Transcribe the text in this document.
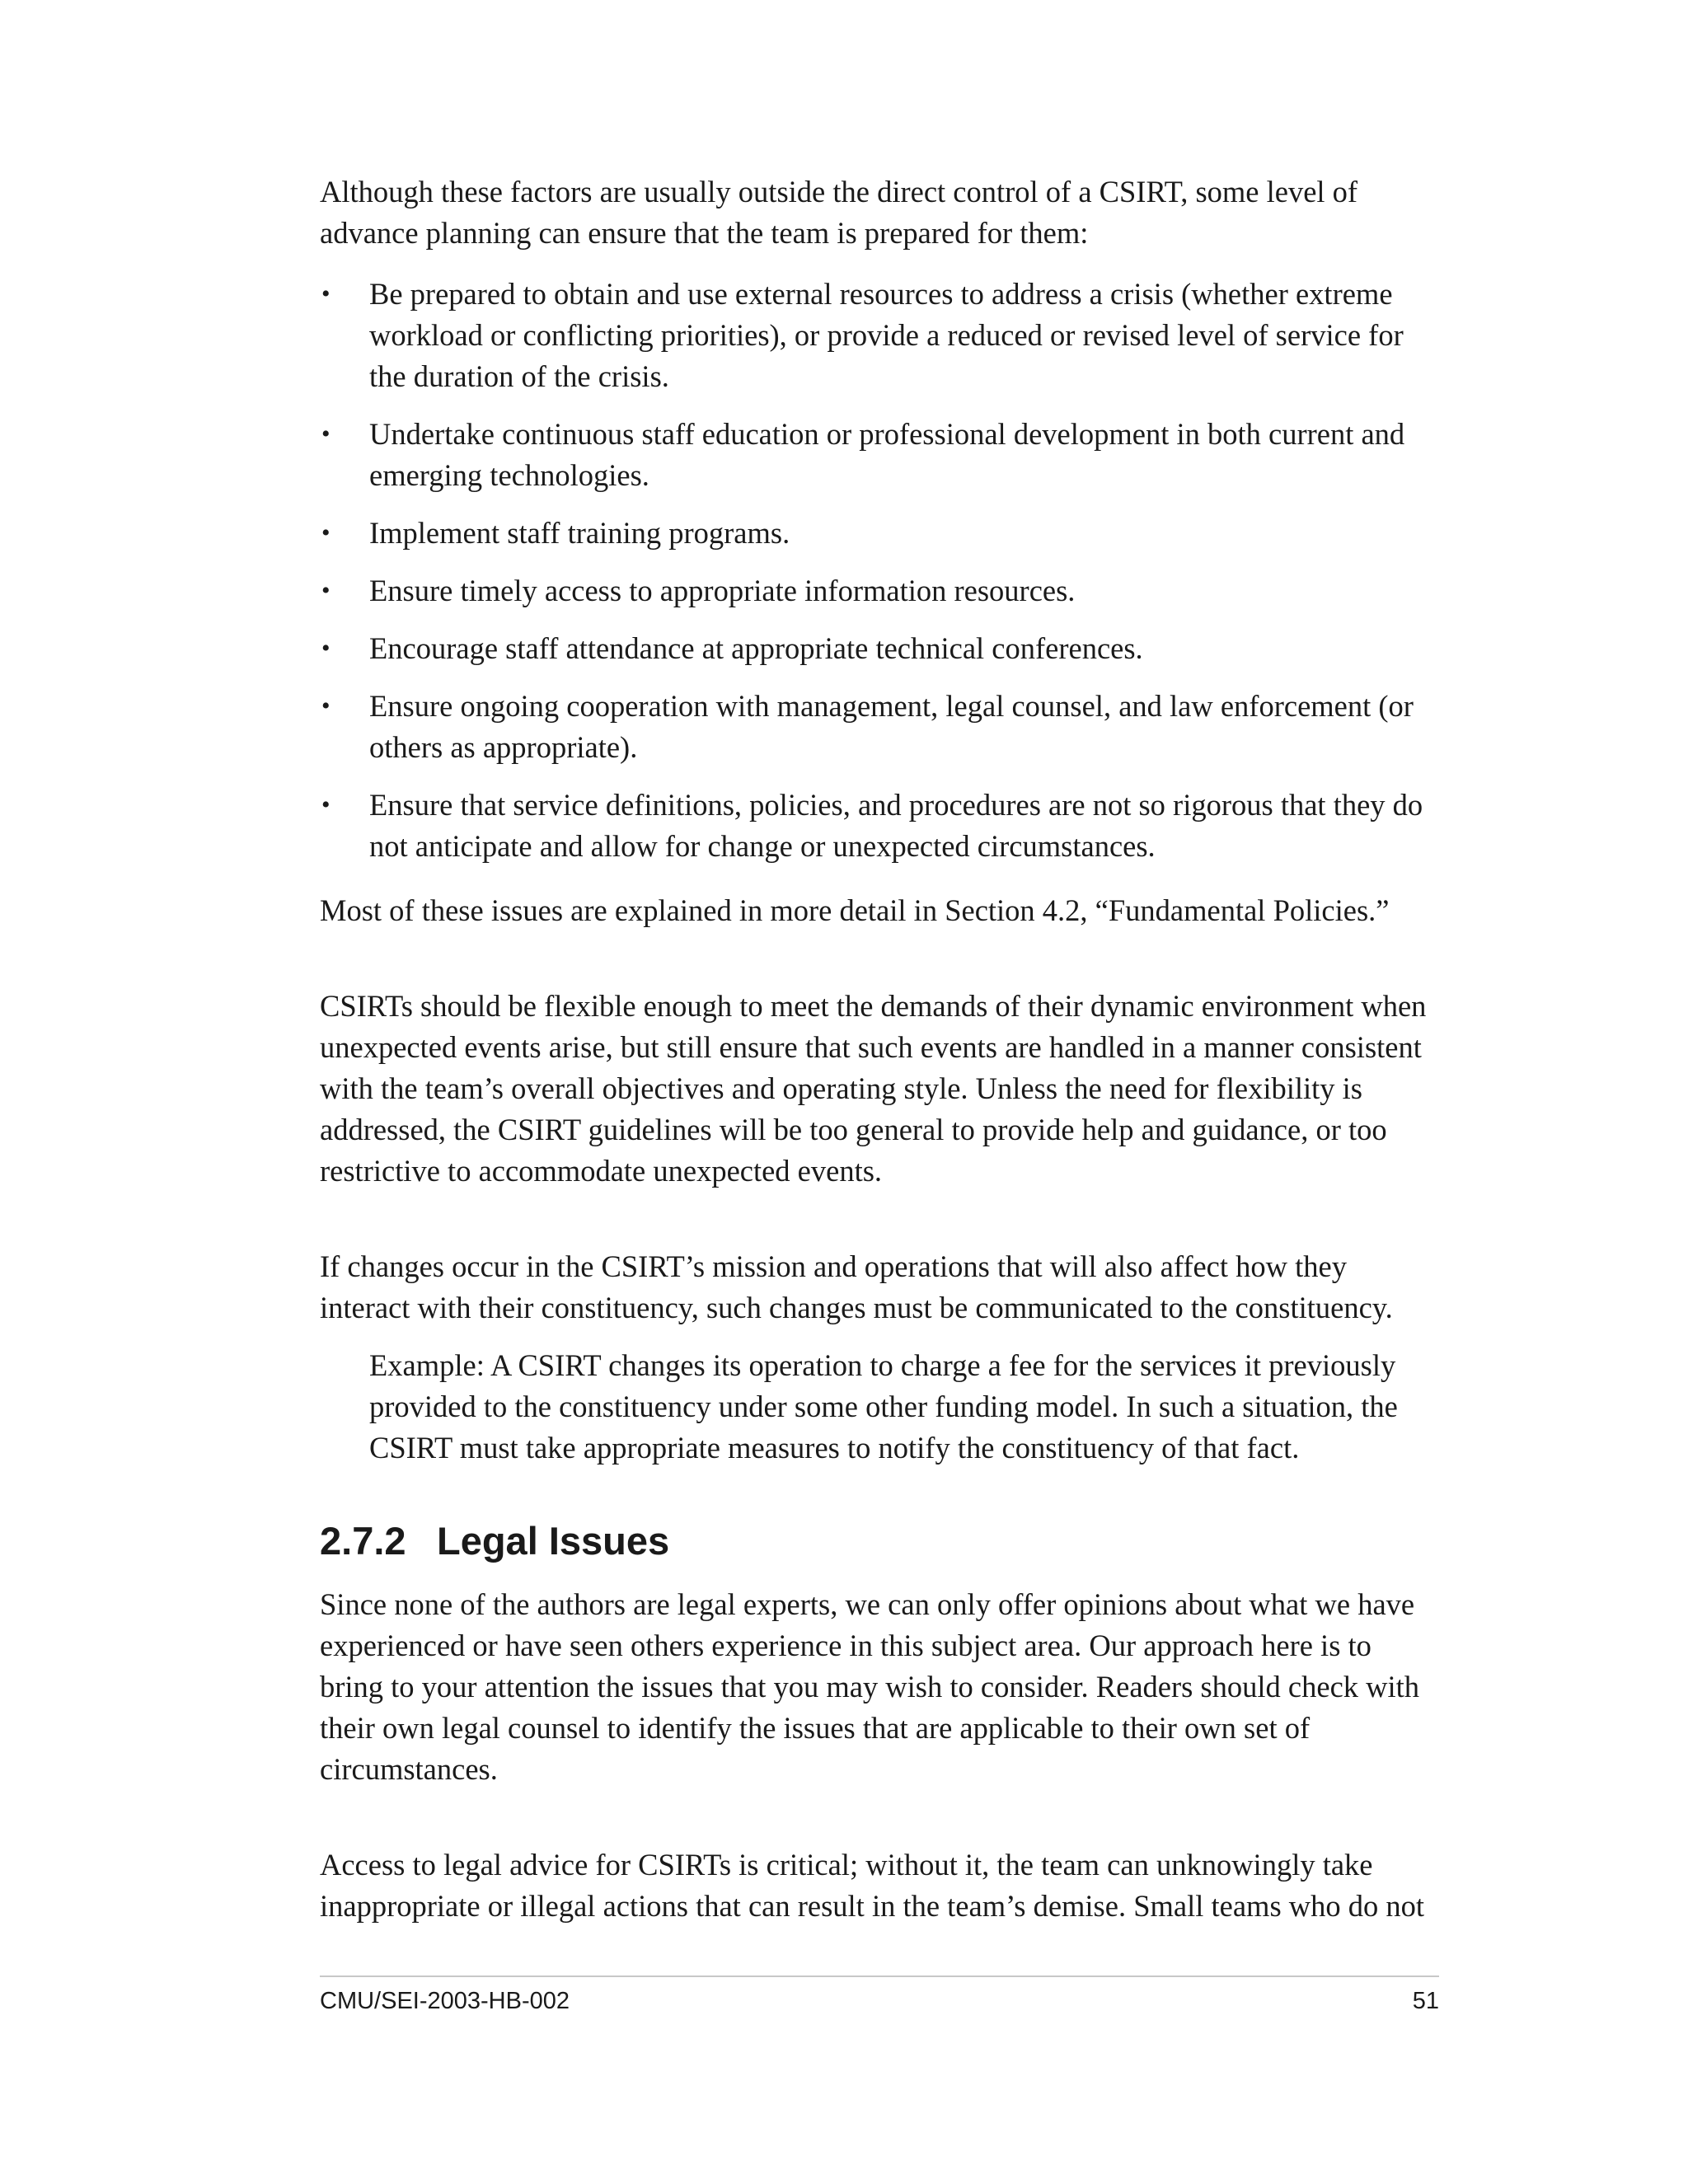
Although these factors are usually outside the direct control of a CSIRT, some level of advance planning can ensure that the team is prepared for them:

• Be prepared to obtain and use external resources to address a crisis (whether extreme workload or conflicting priorities), or provide a reduced or revised level of service for the duration of the crisis.
• Undertake continuous staff education or professional development in both current and emerging technologies.
• Implement staff training programs.
• Ensure timely access to appropriate information resources.
• Encourage staff attendance at appropriate technical conferences.
• Ensure ongoing cooperation with management, legal counsel, and law enforcement (or others as appropriate).
• Ensure that service definitions, policies, and procedures are not so rigorous that they do not anticipate and allow for change or unexpected circumstances.

Most of these issues are explained in more detail in Section 4.2, “Fundamental Policies.”

CSIRTs should be flexible enough to meet the demands of their dynamic environment when unexpected events arise, but still ensure that such events are handled in a manner consistent with the team’s overall objectives and operating style. Unless the need for flexibility is addressed, the CSIRT guidelines will be too general to provide help and guidance, or too restrictive to accommodate unexpected events.

If changes occur in the CSIRT’s mission and operations that will also affect how they interact with their constituency, such changes must be communicated to the constituency.

Example: A CSIRT changes its operation to charge a fee for the services it previously provided to the constituency under some other funding model. In such a situation, the CSIRT must take appropriate measures to notify the constituency of that fact.

2.7.2 Legal Issues

Since none of the authors are legal experts, we can only offer opinions about what we have experienced or have seen others experience in this subject area. Our approach here is to bring to your attention the issues that you may wish to consider. Readers should check with their own legal counsel to identify the issues that are applicable to their own set of circumstances.

Access to legal advice for CSIRTs is critical; without it, the team can unknowingly take inappropriate or illegal actions that can result in the team’s demise. Small teams who do not

CMU/SEI-2003-HB-002	51
